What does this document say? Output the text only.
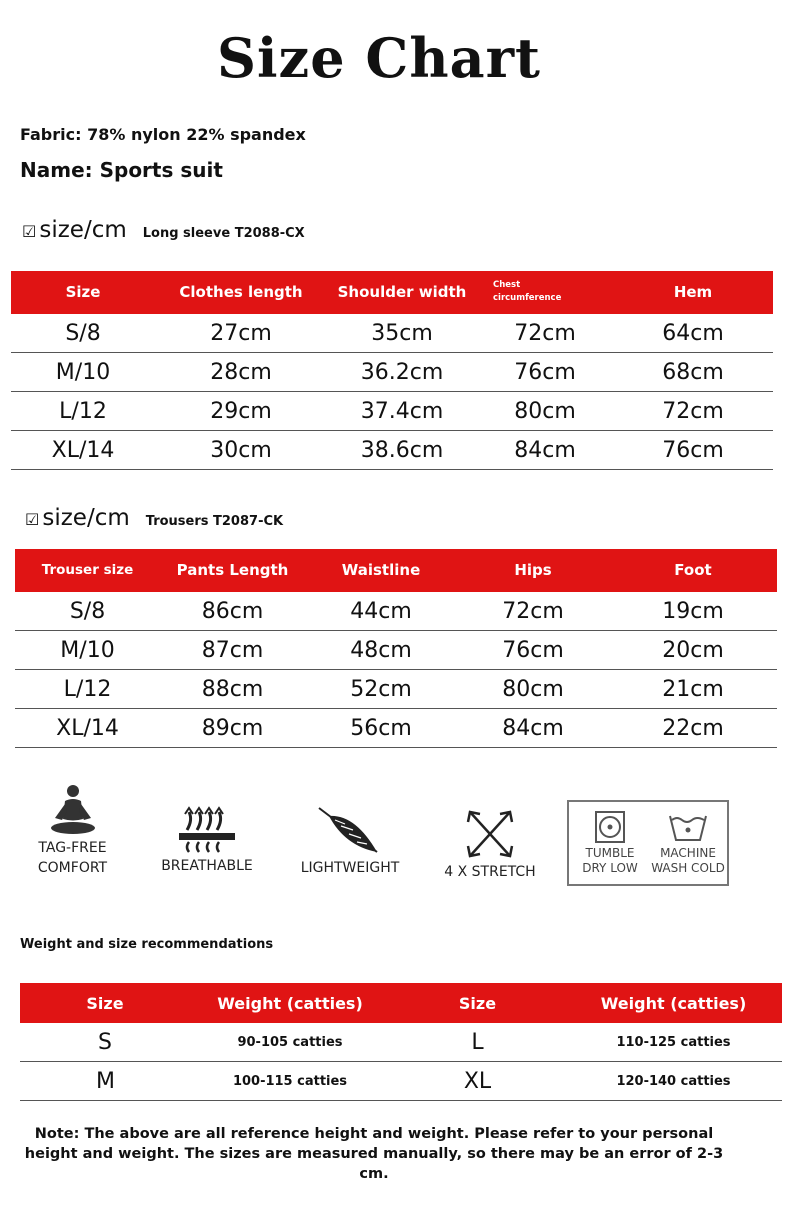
Size Chart
Fabric: 78% nylon 22% spandex
Name: Sports suit
☑ size/cm Long sleeve T2088-CX
Size	Clothes length	Shoulder width	Chest circumference	Hem
S/8	27cm	35cm	72cm	64cm
M/10	28cm	36.2cm	76cm	68cm
L/12	29cm	37.4cm	80cm	72cm
XL/14	30cm	38.6cm	84cm	76cm
☑ size/cm Trousers T2087-CK
Trouser size	Pants Length	Waistline	Hips	Foot
S/8	86cm	44cm	72cm	19cm
M/10	87cm	48cm	76cm	20cm
L/12	88cm	52cm	80cm	21cm
XL/14	89cm	56cm	84cm	22cm
TAG-FREE
COMFORT	BREATHABLE	LIGHTWEIGHT	4 X STRETCH
TUMBLE
DRY LOW
MACHINE
WASH COLD
Weight and size recommendations
Size	Weight (catties)	Size	Weight (catties)
S	90-105 catties	L	110-125 catties
M	100-115 catties	XL	120-140 catties
Note: The above are all reference height and weight. Please refer to your personal height and weight. The sizes are measured manually, so there may be an error of 2-3 cm.
